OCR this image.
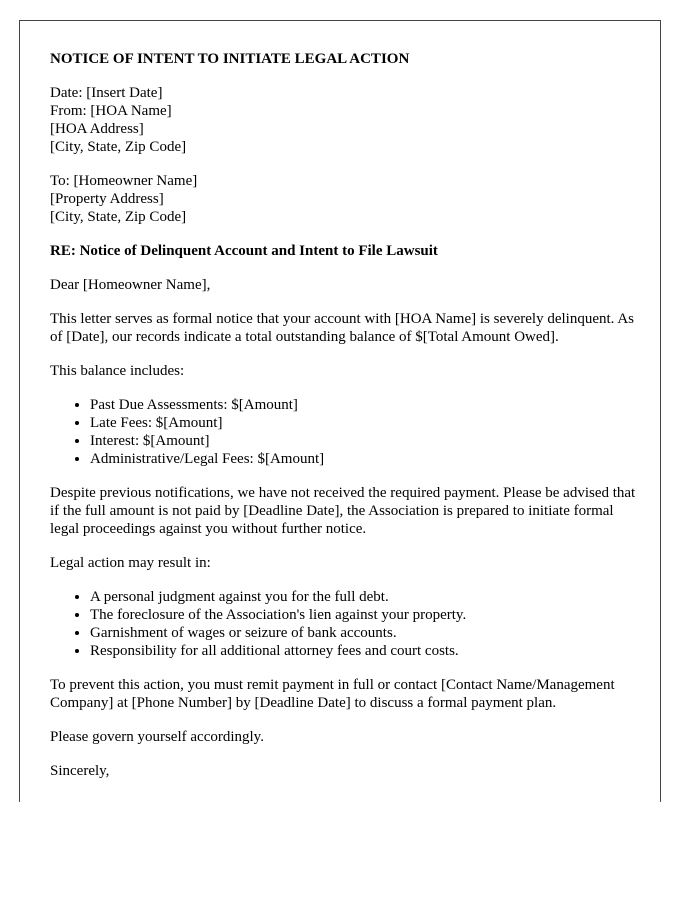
NOTICE OF INTENT TO INITIATE LEGAL ACTION
Date: [Insert Date]
From: [HOA Name]
[HOA Address]
[City, State, Zip Code]
To: [Homeowner Name]
[Property Address]
[City, State, Zip Code]
RE: Notice of Delinquent Account and Intent to File Lawsuit

Dear [Homeowner Name],

This letter serves as formal notice that your account with [HOA Name] is severely delinquent. As of [Date], our records indicate a total outstanding balance of $[Total Amount Owed].

This balance includes:

• Past Due Assessments: $[Amount]
• Late Fees: $[Amount]
• Interest: $[Amount]
• Administrative/Legal Fees: $[Amount]

Despite previous notifications, we have not received the required payment. Please be advised that if the full amount is not paid by [Deadline Date], the Association is prepared to initiate formal legal proceedings against you without further notice.

Legal action may result in:

• A personal judgment against you for the full debt.
• The foreclosure of the Association's lien against your property.
• Garnishment of wages or seizure of bank accounts.
• Responsibility for all additional attorney fees and court costs.

To prevent this action, you must remit payment in full or contact [Contact Name/Management Company] at [Phone Number] by [Deadline Date] to discuss a formal payment plan.

Please govern yourself accordingly.

Sincerely,
